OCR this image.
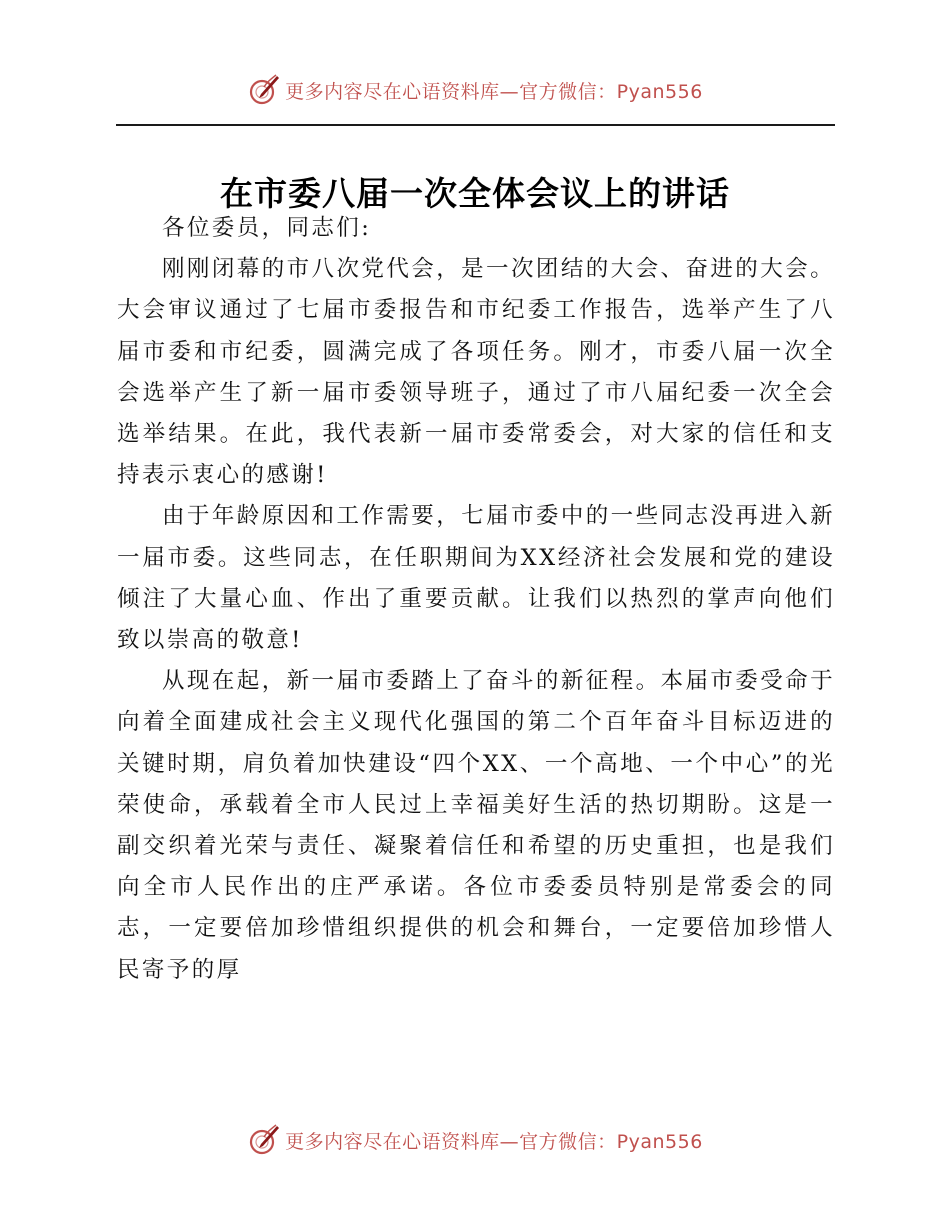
更多内容尽在心语资料库—官方微信：Pyan556
在市委八届一次全体会议上的讲话

各位委员，同志们:

刚刚闭幕的市八次党代会，是一次团结的大会、奋进的大会。大会审议通过了七届市委报告和市纪委工作报告，选举产生了八届市委和市纪委，圆满完成了各项任务。刚才，市委八届一次全会选举产生了新一届市委领导班子，通过了市八届纪委一次全会选举结果。在此，我代表新一届市委常委会，对大家的信任和支持表示衷心的感谢!

由于年龄原因和工作需要，七届市委中的一些同志没再进入新一届市委。这些同志，在任职期间为XX经济社会发展和党的建设倾注了大量心血、作出了重要贡献。让我们以热烈的掌声向他们致以崇高的敬意!

从现在起，新一届市委踏上了奋斗的新征程。本届市委受命于向着全面建成社会主义现代化强国的第二个百年奋斗目标迈进的关键时期，肩负着加快建设“四个XX、一个高地、一个中心”的光荣使命，承载着全市人民过上幸福美好生活的热切期盼。这是一副交织着光荣与责任、凝聚着信任和希望的历史重担，也是我们向全市人民作出的庄严承诺。各位市委委员特别是常委会的同志，一定要倍加珍惜组织提供的机会和舞台，一定要倍加珍惜人民寄予的厚

更多内容尽在心语资料库—官方微信：Pyan556
